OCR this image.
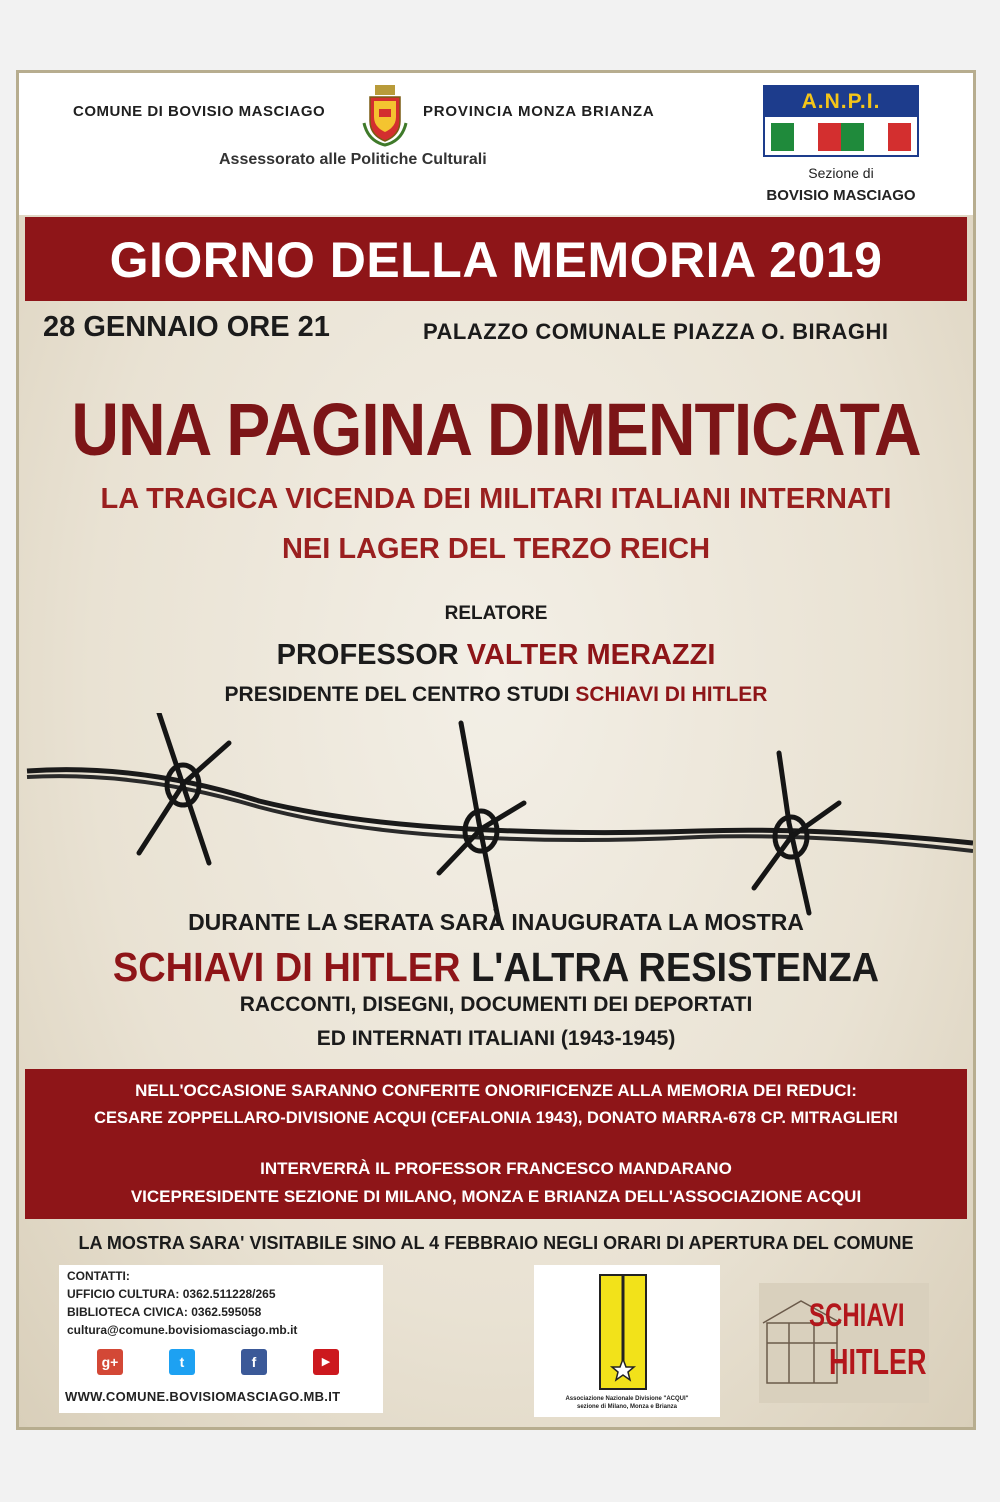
COMUNE DI BOVISIO MASCIAGO	PROVINCIA MONZA BRIANZA
Assessorato alle Politiche Culturali
A.N.P.I.
Sezione di
BOVISIO MASCIAGO
GIORNO DELLA MEMORIA 2019
28 GENNAIO ORE 21	PALAZZO COMUNALE PIAZZA O. BIRAGHI
UNA PAGINA DIMENTICATA
LA TRAGICA VICENDA DEI MILITARI ITALIANI INTERNATI
NEI LAGER DEL TERZO REICH
RELATORE
PROFESSOR VALTER MERAZZI
PRESIDENTE DEL CENTRO STUDI SCHIAVI DI HITLER
DURANTE LA SERATA SARÀ INAUGURATA LA MOSTRA
SCHIAVI DI HITLER L'ALTRA RESISTENZA
RACCONTI, DISEGNI, DOCUMENTI DEI DEPORTATI
ED INTERNATI ITALIANI (1943-1945)
NELL'OCCASIONE SARANNO CONFERITE ONORIFICENZE ALLA MEMORIA DEI REDUCI:
CESARE ZOPPELLARO-DIVISIONE ACQUI (CEFALONIA 1943), DONATO MARRA-678 CP. MITRAGLIERI
INTERVERRÀ IL PROFESSOR FRANCESCO MANDARANO
VICEPRESIDENTE SEZIONE DI MILANO, MONZA E BRIANZA DELL'ASSOCIAZIONE ACQUI
LA MOSTRA SARA' VISITABILE SINO AL 4 FEBBRAIO NEGLI ORARI DI APERTURA DEL COMUNE
CONTATTI:
UFFICIO CULTURA: 0362.511228/265
BIBLIOTECA CIVICA: 0362.595058
cultura@comune.bovisiomasciago.mb.it
g+	t	f	▶
WWW.COMUNE.BOVISIOMASCIAGO.MB.IT	Associazione Nazionale Divisione "ACQUI"
sezione di Milano, Monza e Brianza
SCHIAVI
HITLER
